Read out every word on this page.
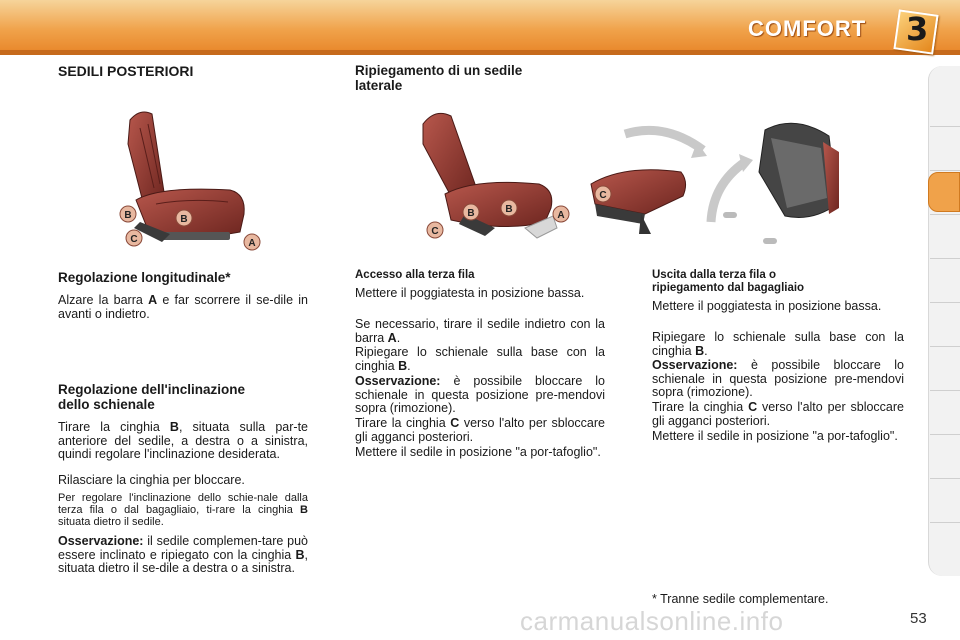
COMFORT 3
SEDILI POSTERIORI
B	B
C	A
Regolazione longitudinale*
Alzare la barra A e far scorrere il se-dile in avanti o indietro.
Regolazione dell'inclinazione
dello schienale
Tirare la cinghia B, situata sulla par-te anteriore del sedile, a destra o a sinistra, quindi regolare l'inclinazione desiderata.
Rilasciare la cinghia per bloccare.
Per regolare l'inclinazione dello schie-nale dalla terza fila o dal bagagliaio, ti-rare la cinghia B situata dietro il sedile.
Osservazione: il sedile complemen-tare può essere inclinato e ripiegato con la cinghia B, situata dietro il se-dile a destra o a sinistra.
Ripiegamento di un sedile
laterale
B	B
C
A
C
Accesso alla terza fila
Mettere il poggiatesta in posizione bassa.
Se necessario, tirare il sedile indietro con la barra A.
Ripiegare lo schienale sulla base con la cinghia B.
Osservazione: è possibile bloccare lo schienale in questa posizione pre-mendovi sopra (rimozione).
Tirare la cinghia C verso l'alto per sbloccare gli agganci posteriori.
Mettere il sedile in posizione "a por-tafoglio".
Uscita dalla terza fila o
ripiegamento dal bagagliaio
Mettere il poggiatesta in posizione bassa.
Ripiegare lo schienale sulla base con la cinghia B.
Osservazione: è possibile bloccare lo schienale in questa posizione pre-mendovi sopra (rimozione).
Tirare la cinghia C verso l'alto per sbloccare gli agganci posteriori.
Mettere il sedile in posizione "a por-tafoglio".
* Tranne sedile complementare.
carmanualsonline.info	53
